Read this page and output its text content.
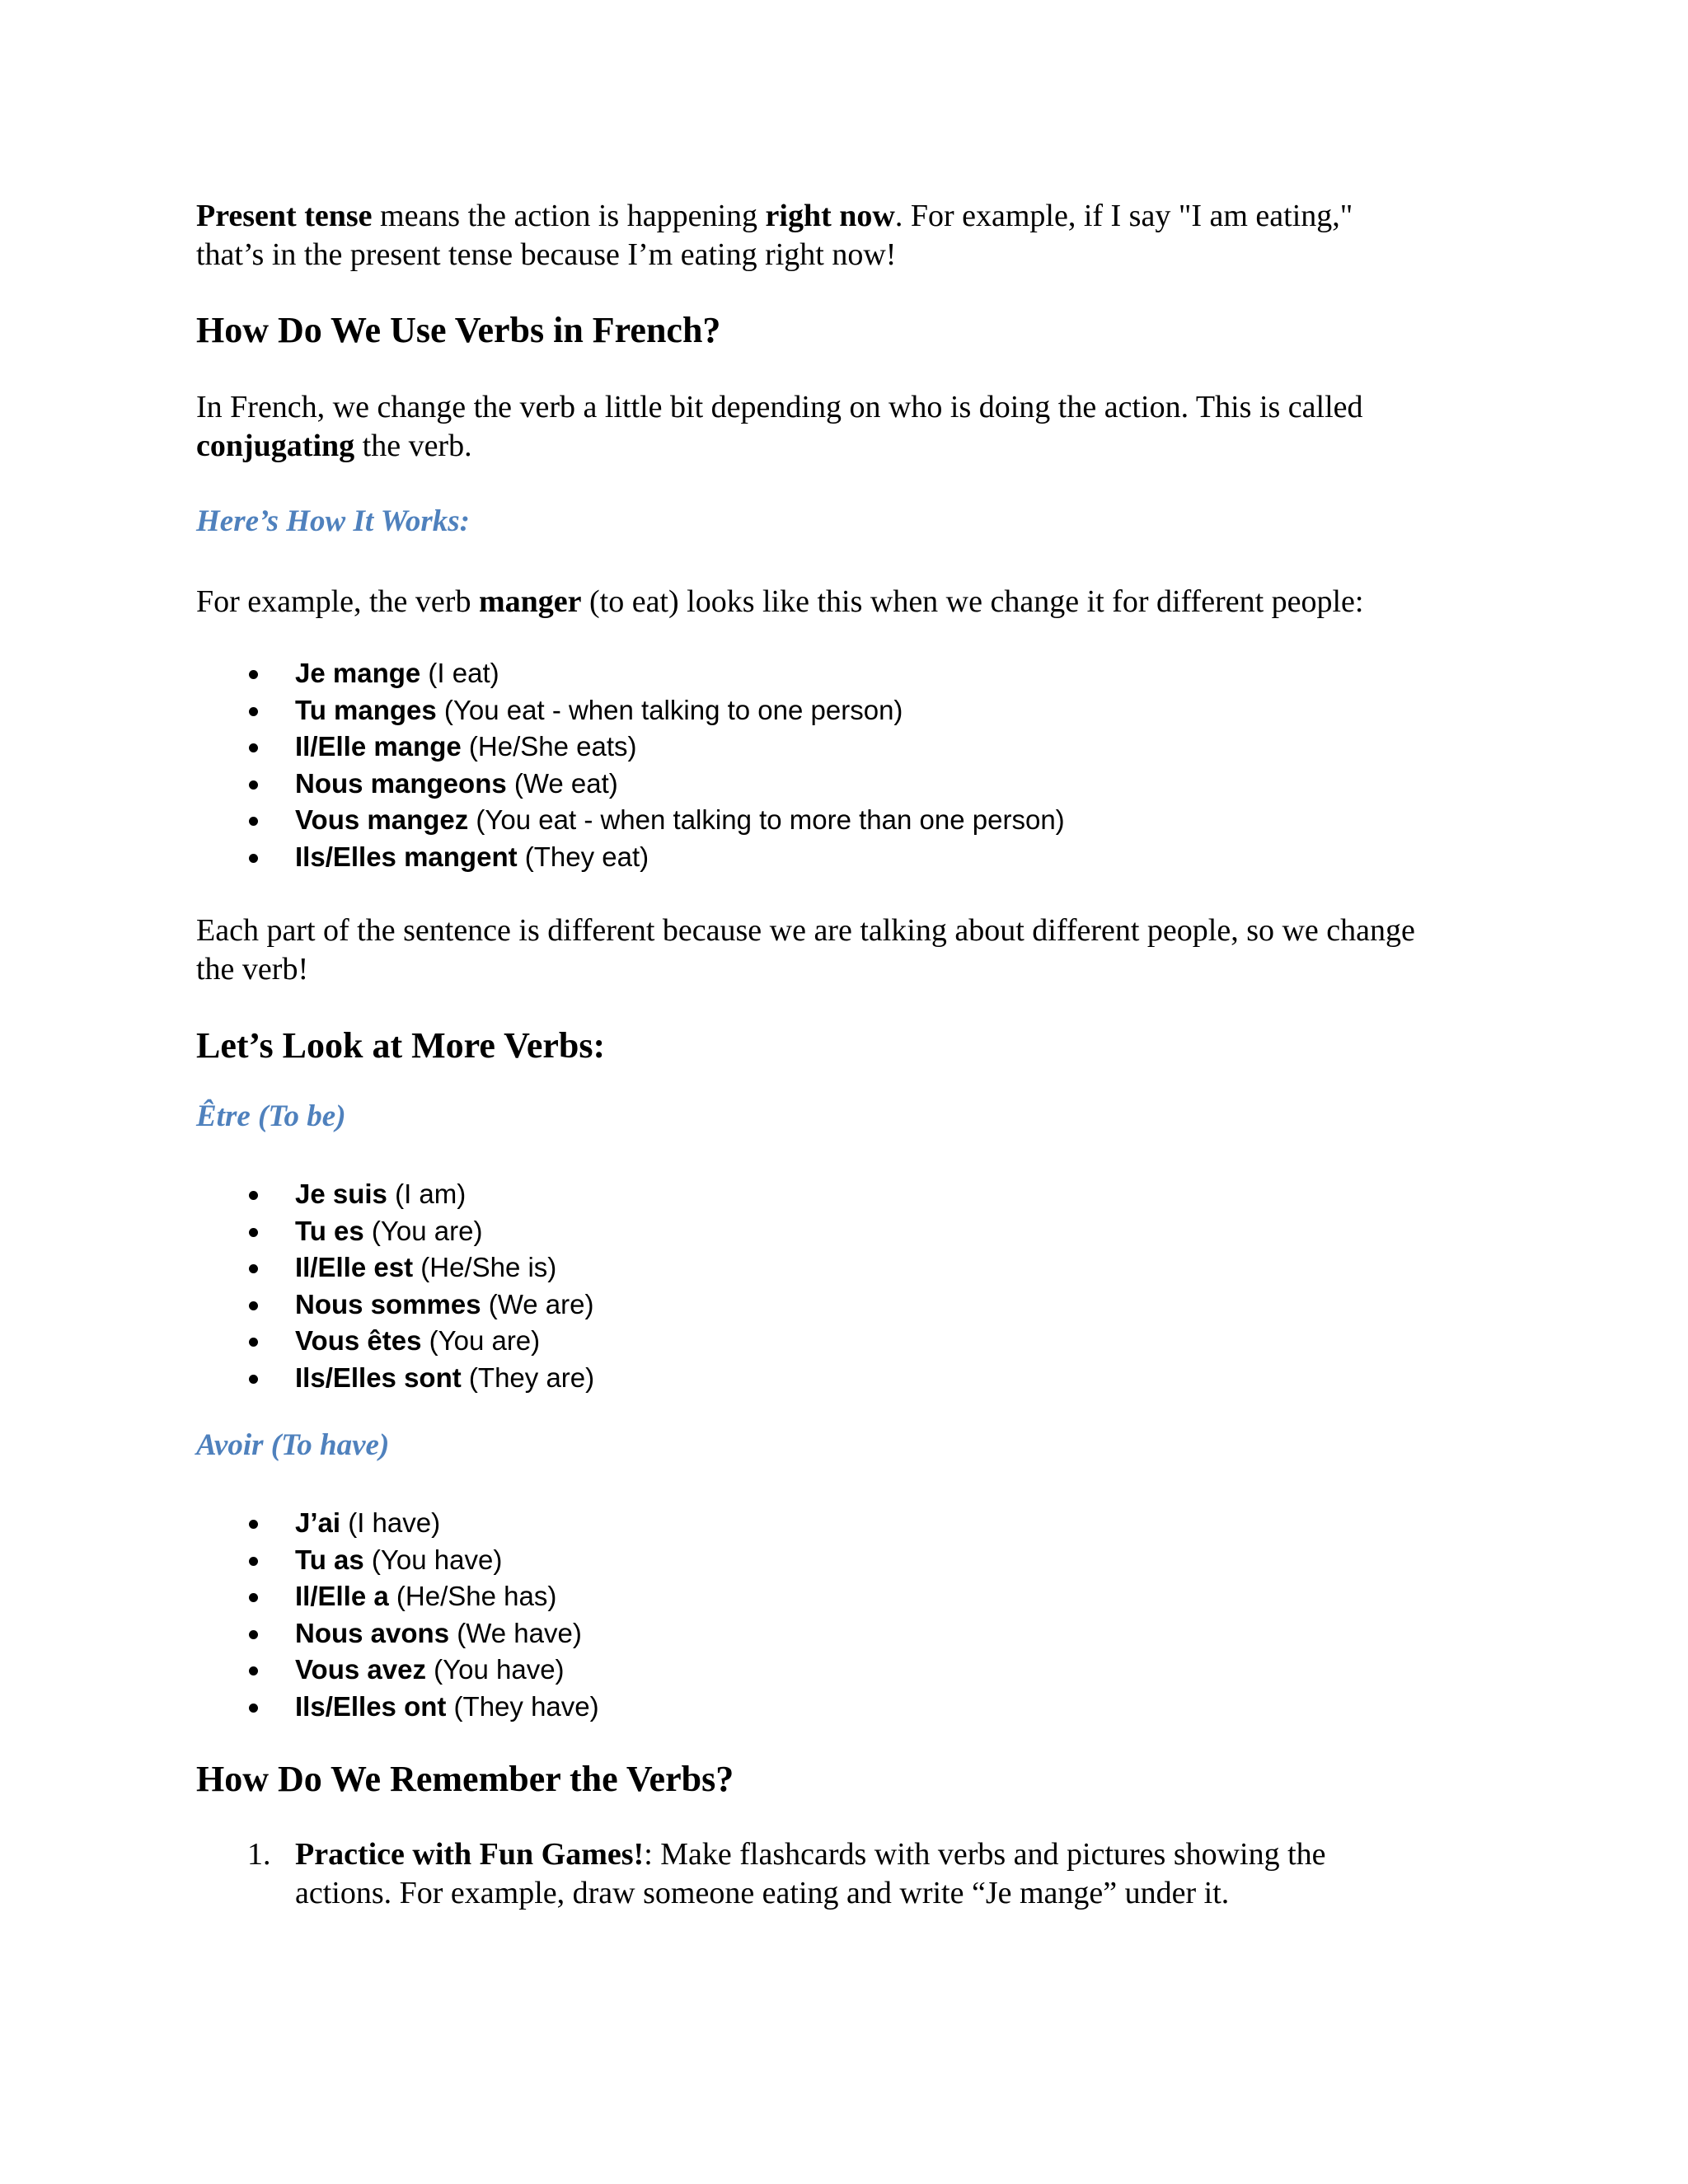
Present tense means the action is happening right now. For example, if I say "I am eating,"
that’s in the present tense because I’m eating right now!

How Do We Use Verbs in French?

In French, we change the verb a little bit depending on who is doing the action. This is called
conjugating the verb.

Here’s How It Works:

For example, the verb manger (to eat) looks like this when we change it for different people:

Je mange (I eat)
Tu manges (You eat - when talking to one person)
Il/Elle mange (He/She eats)
Nous mangeons (We eat)
Vous mangez (You eat - when talking to more than one person)
Ils/Elles mangent (They eat)

Each part of the sentence is different because we are talking about different people, so we change
the verb!

Let’s Look at More Verbs:
Être (To be)
Je suis (I am)
Tu es (You are)
Il/Elle est (He/She is)
Nous sommes (We are)
Vous êtes (You are)
Ils/Elles sont (They are)
Avoir (To have)
J’ai (I have)
Tu as (You have)
Il/Elle a (He/She has)
Nous avons (We have)
Vous avez (You have)
Ils/Elles ont (They have)
How Do We Remember the Verbs?
1. Practice with Fun Games!: Make flashcards with verbs and pictures showing the
actions. For example, draw someone eating and write “Je mange” under it.
